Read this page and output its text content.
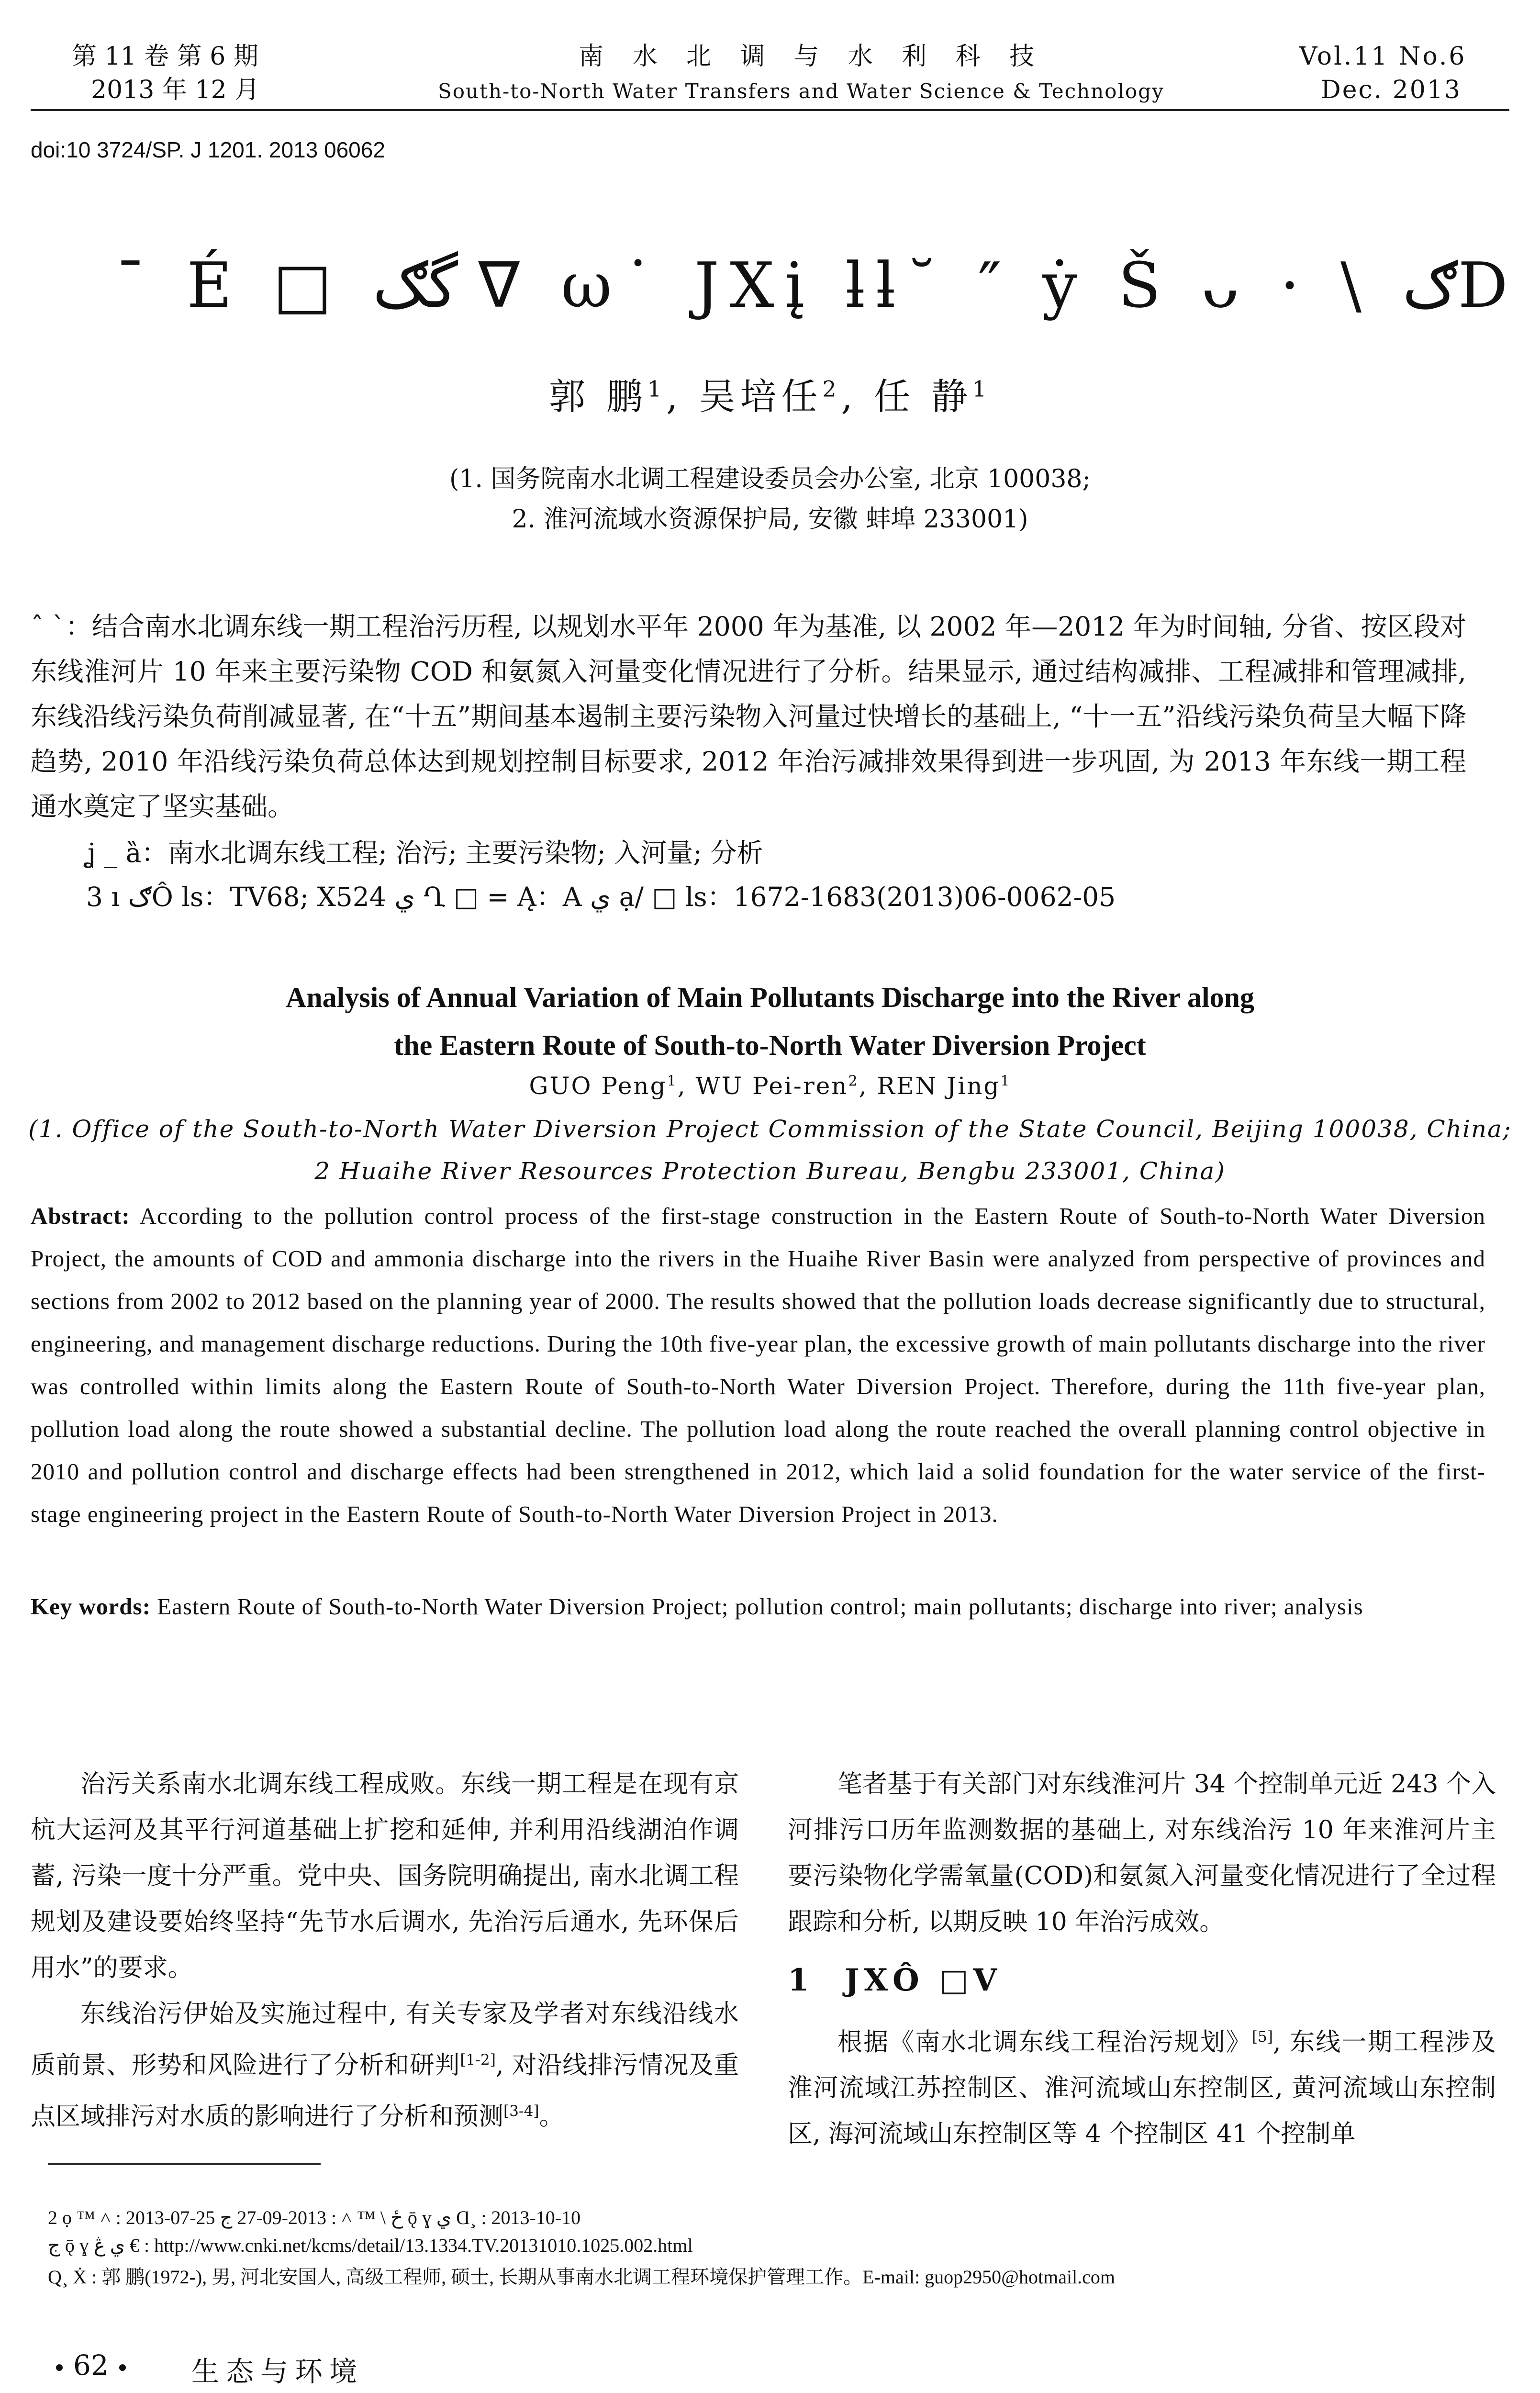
第 11 卷 第 6 期
2013 年 12 月
南 水 北 调 与 水 利 科 技
South-to-North Water Transfers and Water Science & Technology
Vol.11 No.6
Dec. 2013
doi:10 3724/SP. J 1201. 2013 06062
¯ É □ گګ ᐁ ω˙ ЈΧį ƚƚ˘ ″ ẏ Š ᴗ · \ ګD
郭 鹏$^1$, 吴培任$^2$, 任 静$^1$
(1. 国务院南水北调工程建设委员会办公室, 北京 100038;
2. 淮河流域水资源保护局, 安徽 蚌埠 233001)
ˆ ˋ：结合南水北调东线一期工程治污历程, 以规划水平年 2000 年为基准, 以 2002 年—2012 年为时间轴, 分省、按区段对东线淮河片 10 年来主要污染物 COD 和氨氮入河量变化情况进行了分析。结果显示, 通过结构减排、工程减排和管理减排, 东线沿线污染负荷削减显著, 在“十五”期间基本遏制主要污染物入河量过快增长的基础上, “十一五”沿线污染负荷呈大幅下降趋势, 2010 年沿线污染负荷总体达到规划控制目标要求, 2012 年治污减排效果得到进一步巩固, 为 2013 年东线一期工程通水奠定了坚实基础。
ʝ _ ȁ：南水北调东线工程; 治污; 主要污染物; 入河量; 分析
3 ı ګÔ ls：TV68; X524 ي Ղ □ = Ą：A ي ạ/ □ ls：1672-1683(2013)06-0062-05
Analysis of Annual Variation of Main Pollutants Discharge into the River along
the Eastern Route of South-to-North Water Diversion Project
GUO Peng$^1$, WU Pei-ren$^2$, REN Jing$^1$
(1. Office of the South-to-North Water Diversion Project Commission of the State Council, Beijing 100038, China;
2 Huaihe River Resources Protection Bureau, Bengbu 233001, China)
Abstract: According to the pollution control process of the first-stage construction in the Eastern Route of South-to-North Water Diversion Project, the amounts of COD and ammonia discharge into the rivers in the Huaihe River Basin were analyzed from perspective of provinces and sections from 2002 to 2012 based on the planning year of 2000. The results showed that the pollution loads decrease significantly due to structural, engineering, and management discharge reductions. During the 10th five-year plan, the excessive growth of main pollutants discharge into the river was controlled within limits along the Eastern Route of South-to-North Water Diversion Project. Therefore, during the 11th five-year plan, pollution load along the route showed a substantial decline. The pollution load along the route reached the overall planning control objective in 2010 and pollution control and discharge effects had been strengthened in 2012, which laid a solid foundation for the water service of the first-stage engineering project in the Eastern Route of South-to-North Water Diversion Project in 2013.
Key words: Eastern Route of South-to-North Water Diversion Project; pollution control; main pollutants; discharge into river; analysis

治污关系南水北调东线工程成败。东线一期工程是在现有京杭大运河及其平行河道基础上扩挖和延伸, 并利用沿线湖泊作调蓄, 污染一度十分严重。党中央、国务院明确提出, 南水北调工程规划及建设要始终坚持“先节水后调水, 先治污后通水, 先环保后用水”的要求。

东线治污伊始及实施过程中, 有关专家及学者对东线沿线水质前景、形势和风险进行了分析和研判[1-2], 对沿线排污情况及重点区域排污对水质的影响进行了分析和预测[3-4]。

笔者基于有关部门对东线淮河片 34 个控制单元近 243 个入河排污口历年监测数据的基础上, 对东线治污 10 年来淮河片主要污染物化学需氧量(COD)和氨氮入河量变化情况进行了全过程跟踪和分析, 以期反映 10 年治污成效。

1 ￼ ЈΧÔ □V

根据《南水北调东线工程治污规划》[5], 东线一期工程涉及淮河流域江苏控制区、淮河流域山东控制区, 黄河流域山东控制区, 海河流域山东控制区等 4 个控制区 41 个控制单

2 ọ ™ ˄ : 2013-07-25 ځ \ ™ ˄ : 2013-09-27 ج ǭ ɣ ي Ɑ¸ : 2013-10-10
ج ǭ ɣ ي ڠ € : http://www.cnki.net/kcms/detail/13.1334.TV.20131010.1025.002.html
Q¸ Ẋ : 郭 鹏(1972-), 男, 河北安国人, 高级工程师, 硕士, 长期从事南水北调工程环境保护管理工作。E-mail: guop2950@hotmail.com
62	生态与环境
